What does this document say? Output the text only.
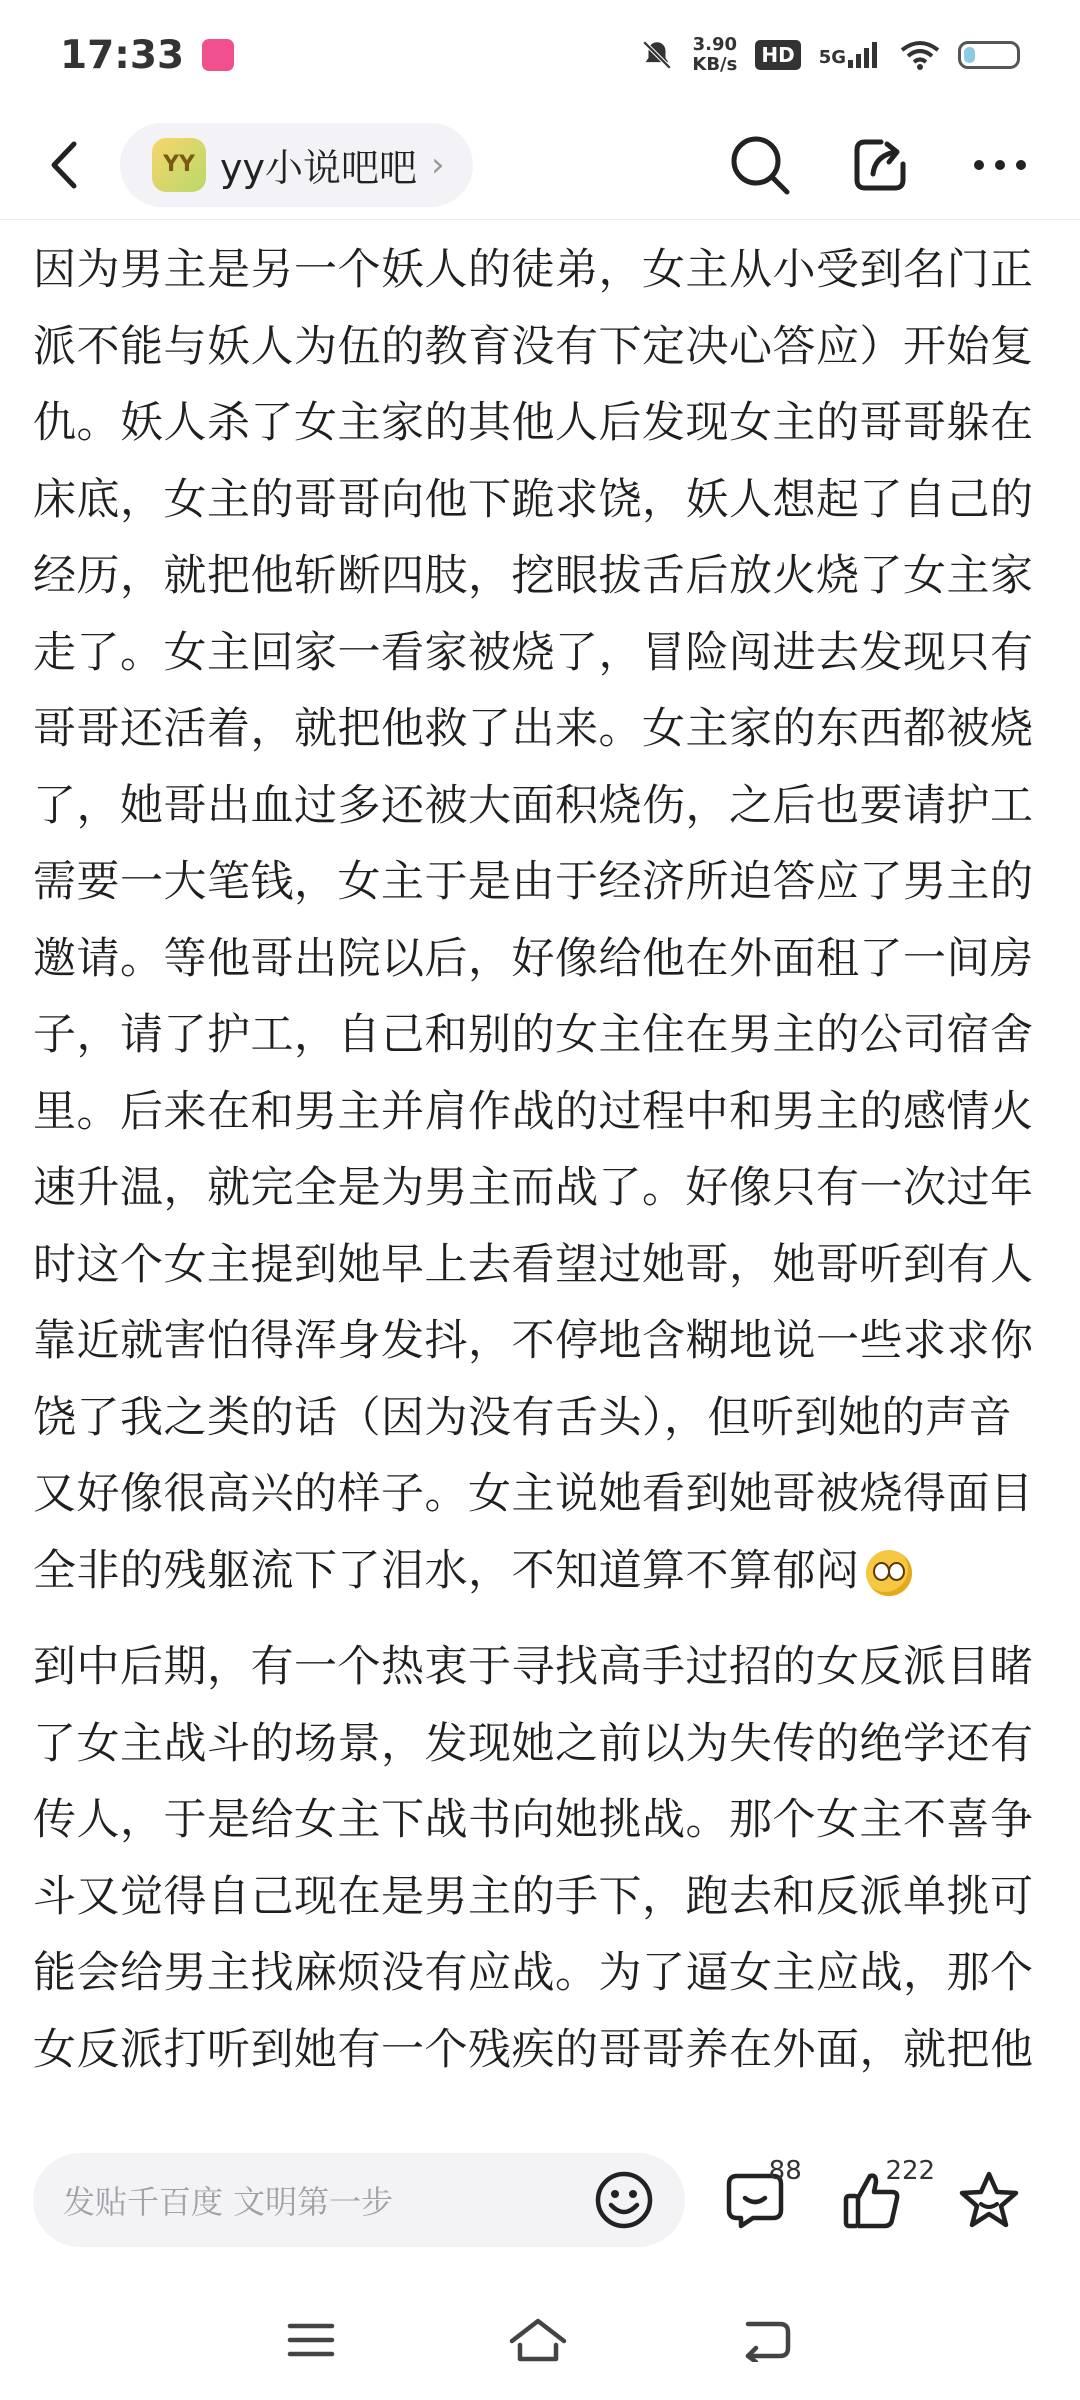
17:33	3.90
KB/s	HD	5G
YY yy小说吧吧 ›

因为男主是另一个妖人的徒弟，女主从小受到名门正派不能与妖人为伍的教育没有下定决心答应）开始复仇。妖人杀了女主家的其他人后发现女主的哥哥躲在床底，女主的哥哥向他下跪求饶，妖人想起了自己的经历，就把他斩断四肢，挖眼拔舌后放火烧了女主家走了。女主回家一看家被烧了，冒险闯进去发现只有哥哥还活着，就把他救了出来。女主家的东西都被烧了，她哥出血过多还被大面积烧伤，之后也要请护工需要一大笔钱，女主于是由于经济所迫答应了男主的邀请。等他哥出院以后，好像给他在外面租了一间房子，请了护工，自己和别的女主住在男主的公司宿舍里。后来在和男主并肩作战的过程中和男主的感情火速升温，就完全是为男主而战了。好像只有一次过年时这个女主提到她早上去看望过她哥，她哥听到有人靠近就害怕得浑身发抖，不停地含糊地说一些求求你饶了我之类的话（因为没有舌头），但听到她的声音又好像很高兴的样子。女主说她看到她哥被烧得面目全非的残躯流下了泪水，不知道算不算郁闷

到中后期，有一个热衷于寻找高手过招的女反派目睹了女主战斗的场景，发现她之前以为失传的绝学还有传人，于是给女主下战书向她挑战。那个女主不喜争斗又觉得自己现在是男主的手下，跑去和反派单挑可能会给男主找麻烦没有应战。为了逼女主应战，那个女反派打听到她有一个残疾的哥哥养在外面，就把他

发贴千百度 文明第一步
88	222
